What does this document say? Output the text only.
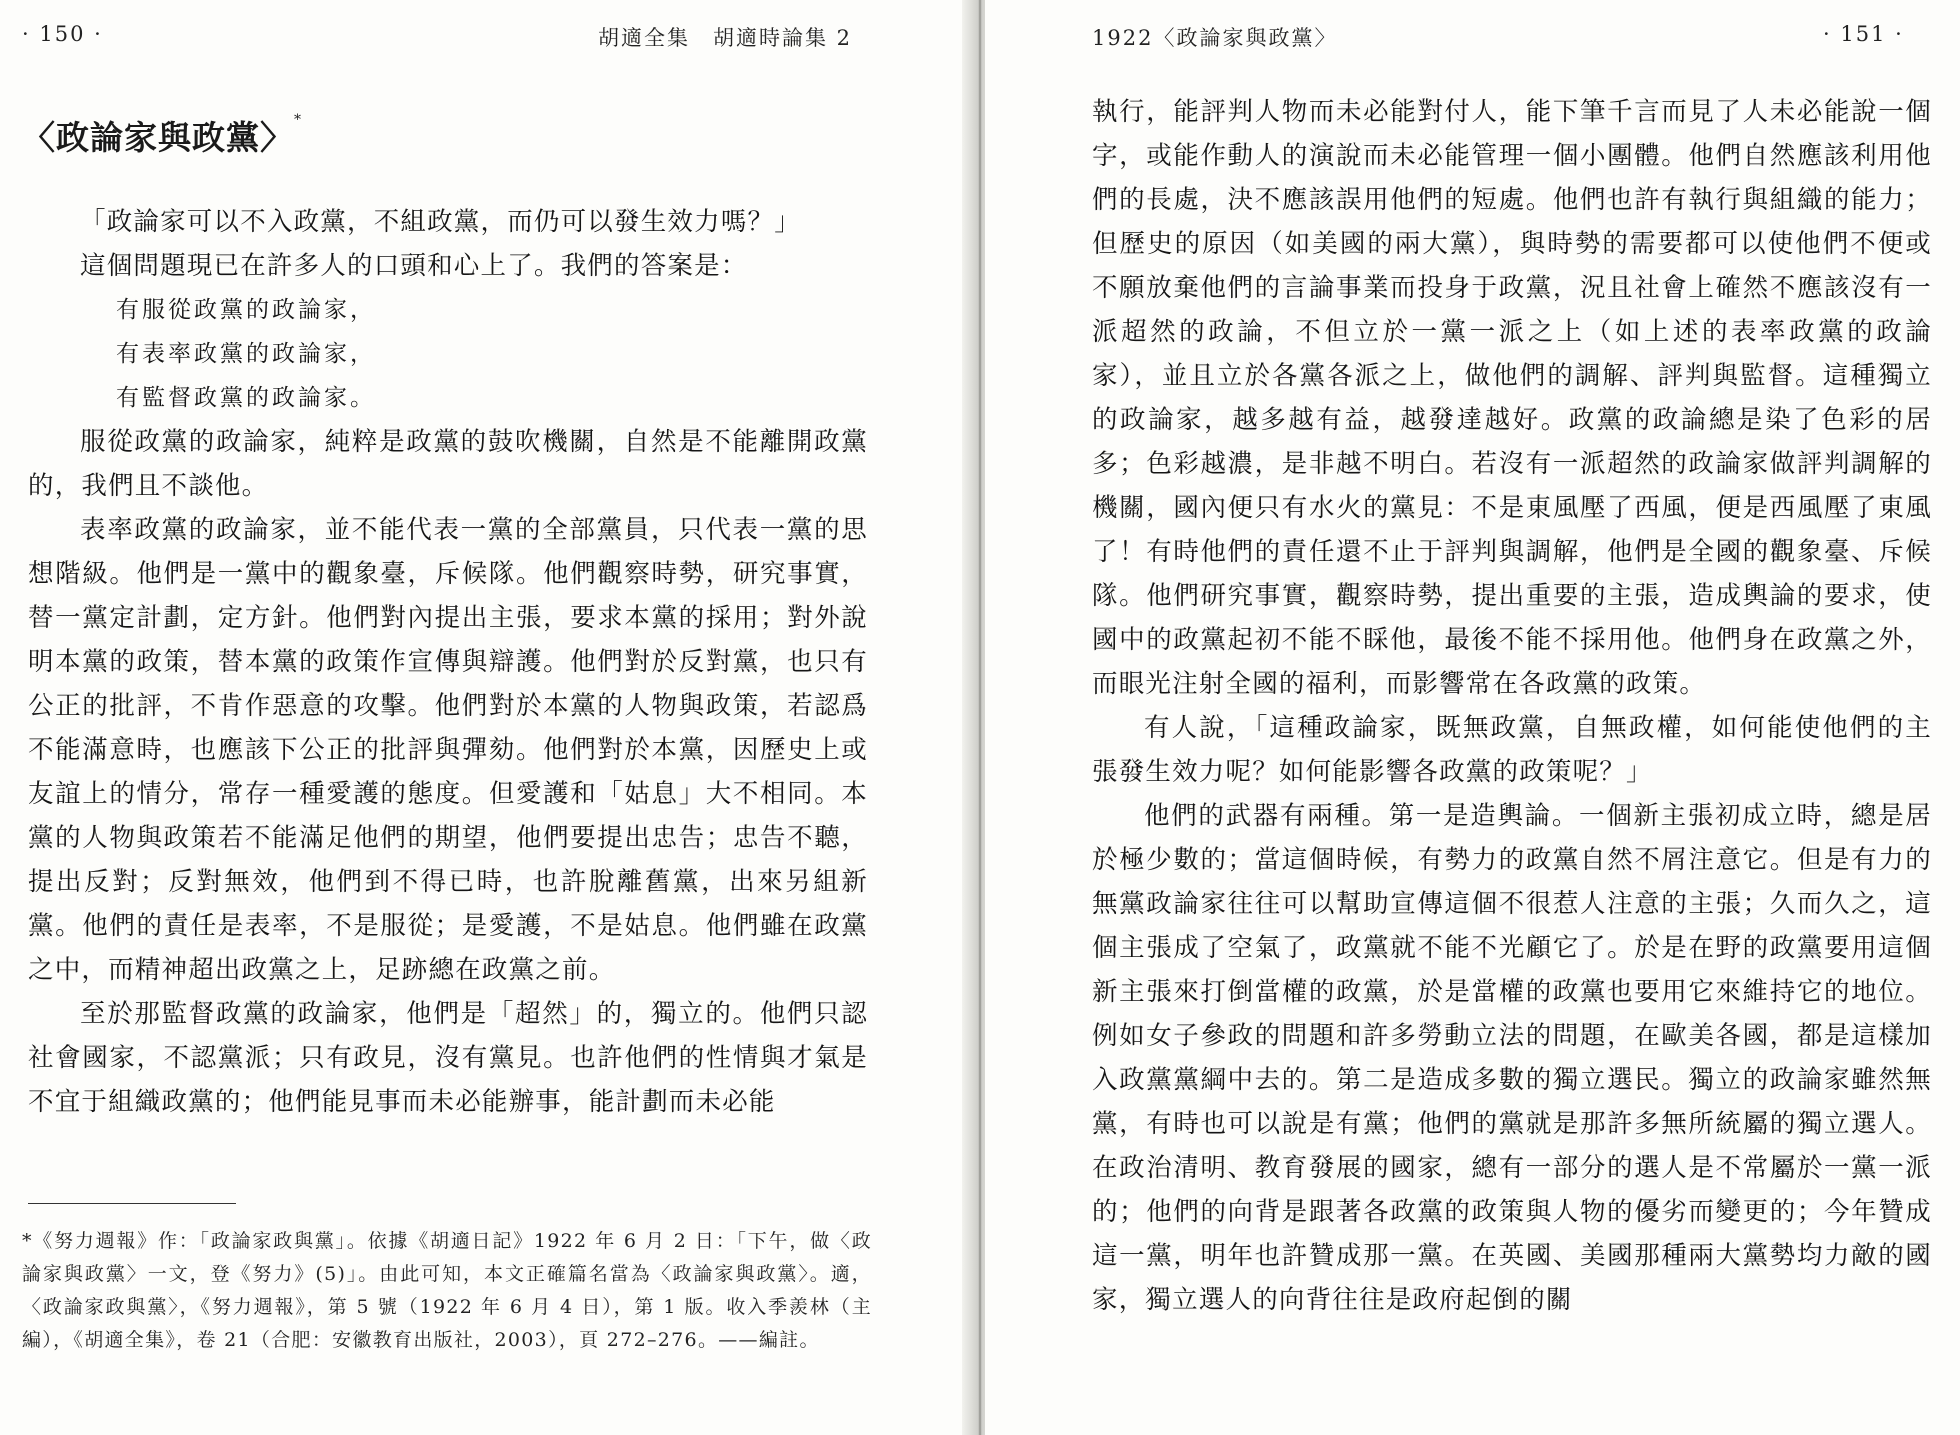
· 150 ·	胡適全集　胡適時論集 2
〈政論家與政黨〉*

「政論家可以不入政黨，不組政黨，而仍可以發生效力嗎？」

這個問題現已在許多人的口頭和心上了。我們的答案是：

有服從政黨的政論家，
有表率政黨的政論家，
有監督政黨的政論家。

服從政黨的政論家，純粹是政黨的鼓吹機關，自然是不能離開政黨的，我們且不談他。

表率政黨的政論家，並不能代表一黨的全部黨員，只代表一黨的思想階級。他們是一黨中的觀象臺，斥候隊。他們觀察時勢，研究事實，替一黨定計劃，定方針。他們對內提出主張，要求本黨的採用；對外說明本黨的政策，替本黨的政策作宣傳與辯護。他們對於反對黨，也只有公正的批評，不肯作惡意的攻擊。他們對於本黨的人物與政策，若認爲不能滿意時，也應該下公正的批評與彈劾。他們對於本黨，因歷史上或友誼上的情分，常存一種愛護的態度。但愛護和「姑息」大不相同。本黨的人物與政策若不能滿足他們的期望，他們要提出忠告；忠告不聽，提出反對；反對無效，他們到不得已時，也許脫離舊黨，出來另組新黨。他們的責任是表率，不是服從；是愛護，不是姑息。他們雖在政黨之中，而精神超出政黨之上，足跡總在政黨之前。

至於那監督政黨的政論家，他們是「超然」的，獨立的。他們只認社會國家，不認黨派；只有政見，沒有黨見。也許他們的性情與才氣是不宜于組織政黨的；他們能見事而未必能辦事，能計劃而未必能

*《努力週報》作：「政論家政與黨」。依據《胡適日記》1922 年 6 月 2 日：「下午，做〈政論家與政黨〉一文，登《努力》(5)」。由此可知，本文正確篇名當為〈政論家與政黨〉。適，〈政論家政與黨〉，《努力週報》，第 5 號（1922 年 6 月 4 日），第 1 版。收入季羨林（主編），《胡適全集》，卷 21（合肥：安徽教育出版社，2003），頁 272–276。——編註。
1922〈政論家與政黨〉	· 151 ·

執行，能評判人物而未必能對付人，能下筆千言而見了人未必能說一個字，或能作動人的演說而未必能管理一個小團體。他們自然應該利用他們的長處，決不應該誤用他們的短處。他們也許有執行與組織的能力；但歷史的原因（如美國的兩大黨），與時勢的需要都可以使他們不便或不願放棄他們的言論事業而投身于政黨，況且社會上確然不應該沒有一派超然的政論，不但立於一黨一派之上（如上述的表率政黨的政論家），並且立於各黨各派之上，做他們的調解、評判與監督。這種獨立的政論家，越多越有益，越發達越好。政黨的政論總是染了色彩的居多；色彩越濃，是非越不明白。若沒有一派超然的政論家做評判調解的機關，國內便只有水火的黨見：不是東風壓了西風，便是西風壓了東風了！有時他們的責任還不止于評判與調解，他們是全國的觀象臺、斥候隊。他們研究事實，觀察時勢，提出重要的主張，造成輿論的要求，使國中的政黨起初不能不睬他，最後不能不採用他。他們身在政黨之外，而眼光注射全國的福利，而影響常在各政黨的政策。

有人說，「這種政論家，既無政黨，自無政權，如何能使他們的主張發生效力呢？如何能影響各政黨的政策呢？」

他們的武器有兩種。第一是造輿論。一個新主張初成立時，總是居於極少數的；當這個時候，有勢力的政黨自然不屑注意它。但是有力的無黨政論家往往可以幫助宣傳這個不很惹人注意的主張；久而久之，這個主張成了空氣了，政黨就不能不光顧它了。於是在野的政黨要用這個新主張來打倒當權的政黨，於是當權的政黨也要用它來維持它的地位。例如女子參政的問題和許多勞動立法的問題，在歐美各國，都是這樣加入政黨黨綱中去的。第二是造成多數的獨立選民。獨立的政論家雖然無黨，有時也可以說是有黨；他們的黨就是那許多無所統屬的獨立選人。在政治清明、教育發展的國家，總有一部分的選人是不常屬於一黨一派的；他們的向背是跟著各政黨的政策與人物的優劣而變更的；今年贊成這一黨，明年也許贊成那一黨。在英國、美國那種兩大黨勢均力敵的國家，獨立選人的向背往往是政府起倒的關
